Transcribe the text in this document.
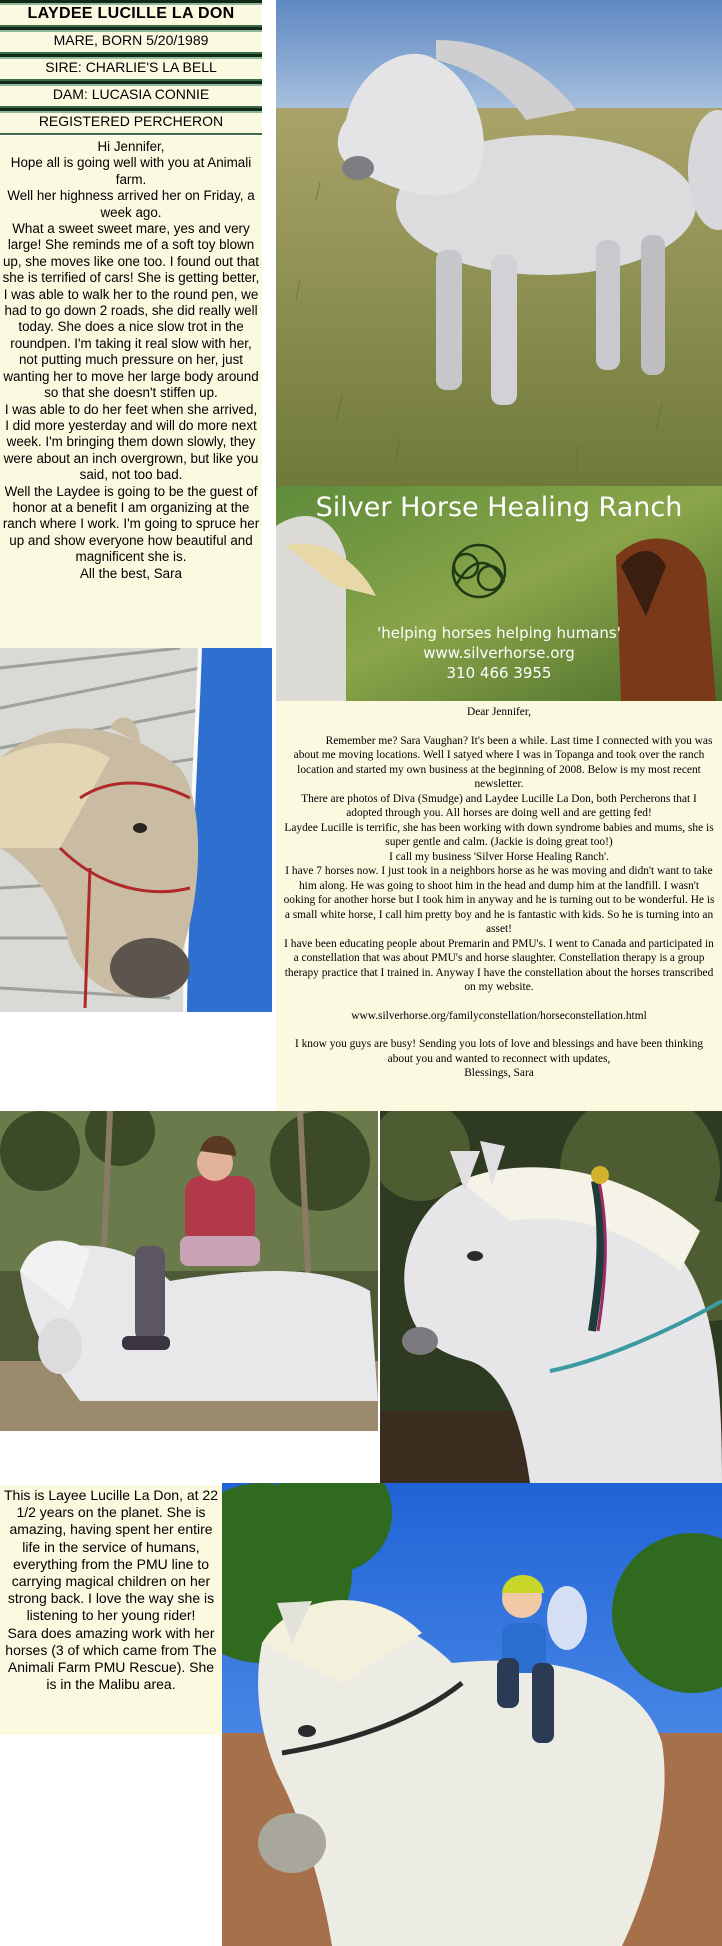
LAYDEE LUCILLE LA DON
MARE, BORN 5/20/1989
SIRE: CHARLIE'S LA BELL
DAM: LUCASIA CONNIE
REGISTERED PERCHERON

Hi Jennifer,

Hope all is going well with you at Animali farm.

Well her highness arrived her on Friday, a week ago.

What a sweet sweet mare, yes and very large! She reminds me of a soft toy blown up, she moves like one too. I found out that she is terrified of cars! She is getting better, I was able to walk her to the round pen, we had to go down 2 roads, she did really well today. She does a nice slow trot in the roundpen. I'm taking it real slow with her, not putting much pressure on her, just wanting her to move her large body around so that she doesn't stiffen up.

I was able to do her feet when she arrived, I did more yesterday and will do more next week. I'm bringing them down slowly, they were about an inch overgrown, but like you said, not too bad.

Well the Laydee is going to be the guest of honor at a benefit I am organizing at the ranch where I work. I'm going to spruce her up and show everyone how beautiful and magnificent she is.

All the best, Sara

Silver Horse Healing Ranch
'helping horses helping humans'
www.silverhorse.org
310 466 3955

Dear Jennifer,

Remember me? Sara Vaughan? It's been a while. Last time I connected with you was about me moving locations. Well I satyed where I was in Topanga and took over the ranch location and started my own business at the beginning of 2008. Below is my most recent newsletter.

There are photos of Diva (Smudge) and Laydee Lucille La Don, both Percherons that I adopted through you. All horses are doing well and are getting fed!

Laydee Lucille is terrific, she has been working with down syndrome babies and mums, she is super gentle and calm. (Jackie is doing great too!)

I call my business 'Silver Horse Healing Ranch'.

I have 7 horses now. I just took in a neighbors horse as he was moving and didn't want to take him along. He was going to shoot him in the head and dump him at the landfill. I wasn't ooking for another horse but I took him in anyway and he is turning out to be wonderful. He is a small white horse, I call him pretty boy and he is fantastic with kids. So he is turning into an asset!

I have been educating people about Premarin and PMU's. I went to Canada and participated in a constellation that was about PMU's and horse slaughter. Constellation therapy is a group therapy practice that I trained in. Anyway I have the constellation about the horses transcribed on my website.

www.silverhorse.org/familyconstellation/horseconstellation.html

I know you guys are busy! Sending you lots of love and blessings and have been thinking about you and wanted to reconnect with updates,

Blessings, Sara

This is Layee Lucille La Don, at 22 1/2 years on the planet. She is amazing, having spent her entire life in the service of humans, everything from the PMU line to carrying magical children on her strong back. I love the way she is listening to her young rider!

Sara does amazing work with her horses (3 of which came from The Animali Farm PMU Rescue). She is in the Malibu area.
